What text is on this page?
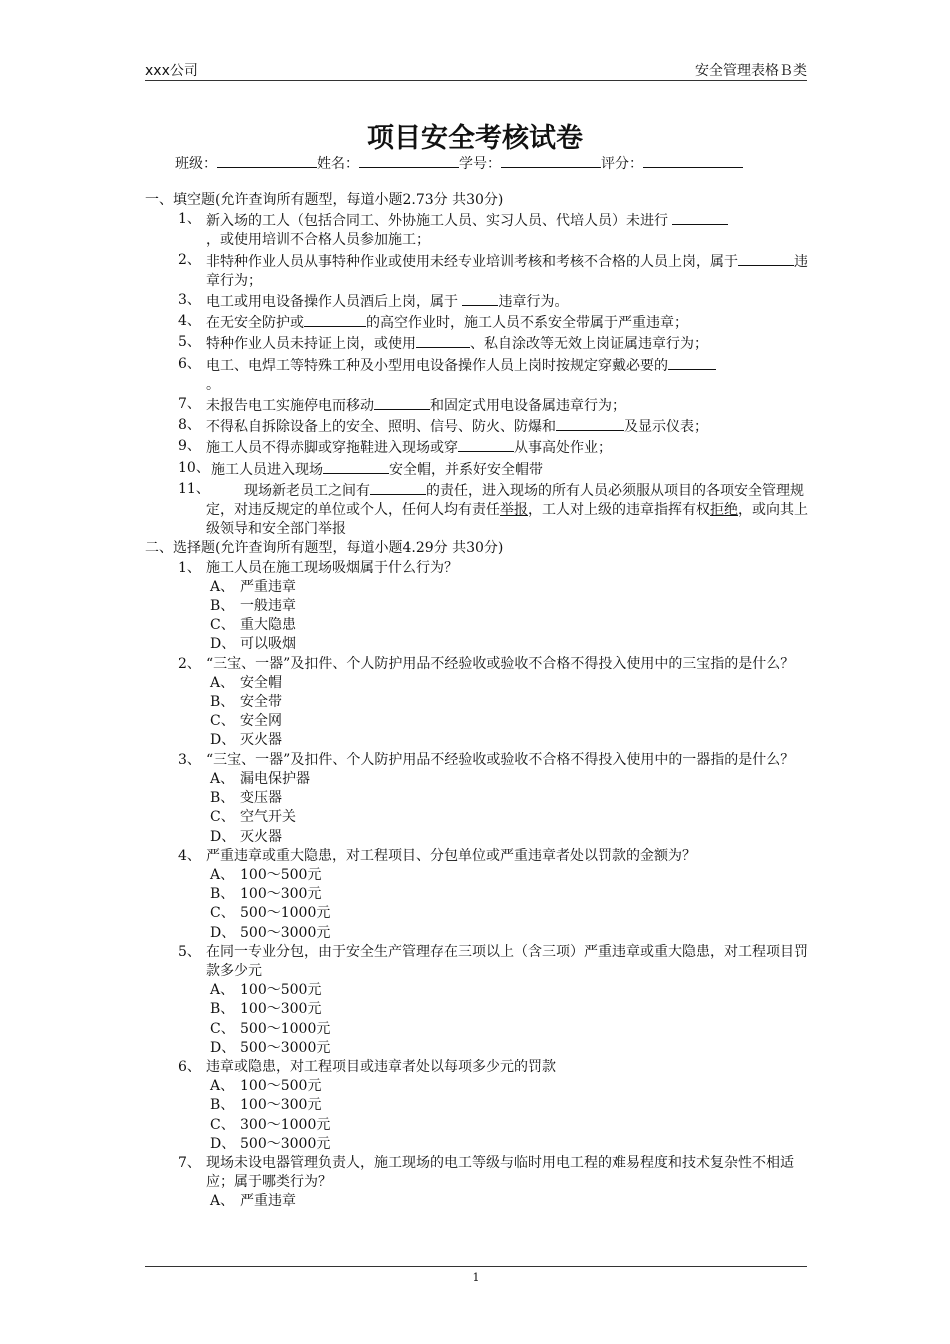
xxx公司	安全管理表格Ｂ类
项目安全考核试卷
班级：	姓名：	学号：	评分：
一、填空题(允许查询所有题型，每道小题2.73分 共30分)
1、 新入场的工人（包括合同工、外协施工人员、实习人员、代培人员）未进行
，或使用培训不合格人员参加施工；
2、 非特种作业人员从事特种作业或使用未经专业培训考核和考核不合格的人员上岗，属于	违章行为；
3、 电工或用电设备操作人员酒后上岗，属于	违章行为。
4、 在无安全防护或	的高空作业时，施工人员不系安全带属于严重违章；
5、 特种作业人员未持证上岗，或使用	、私自涂改等无效上岗证属违章行为；
6、 电工、电焊工等特殊工种及小型用电设备操作人员上岗时按规定穿戴必要的
。
7、 未报告电工实施停电而移动	和固定式用电设备属违章行为；
8、 不得私自拆除设备上的安全、照明、信号、防火、防爆和	及显示仪表；
9、 施工人员不得赤脚或穿拖鞋进入现场或穿	从事高处作业；
10、 施工人员进入现场	安全帽，并系好安全帽带
11、 现场新老员工之间有	的责任，进入现场的所有人员必须服从项目的各项安全管理规定，对违反规定的单位或个人，任何人均有责任举报，工人对上级的违章指挥有权拒绝，或向其上级领导和安全部门举报
二、选择题(允许查询所有题型，每道小题4.29分 共30分)
1、 施工人员在施工现场吸烟属于什么行为？
A、 严重违章
B、 一般违章
C、 重大隐患
D、 可以吸烟
2、 “三宝、一器”及扣件、个人防护用品不经验收或验收不合格不得投入使用中的三宝指的是什么？
A、 安全帽
B、 安全带
C、 安全网
D、 灭火器
3、 “三宝、一器”及扣件、个人防护用品不经验收或验收不合格不得投入使用中的一器指的是什么？
A、 漏电保护器
B、 变压器
C、 空气开关
D、 灭火器
4、 严重违章或重大隐患，对工程项目、分包单位或严重违章者处以罚款的金额为？
A、 100～500元
B、 100～300元
C、 500～1000元
D、 500～3000元
5、 在同一专业分包，由于安全生产管理存在三项以上（含三项）严重违章或重大隐患，对工程项目罚款多少元
A、 100～500元
B、 100～300元
C、 500～1000元
D、 500～3000元
6、 违章或隐患，对工程项目或违章者处以每项多少元的罚款
A、 100～500元
B、 100～300元
C、 300～1000元
D、 500～3000元
7、 现场未设电器管理负责人，施工现场的电工等级与临时用电工程的难易程度和技术复杂性不相适应；属于哪类行为？
A、 严重违章
1
